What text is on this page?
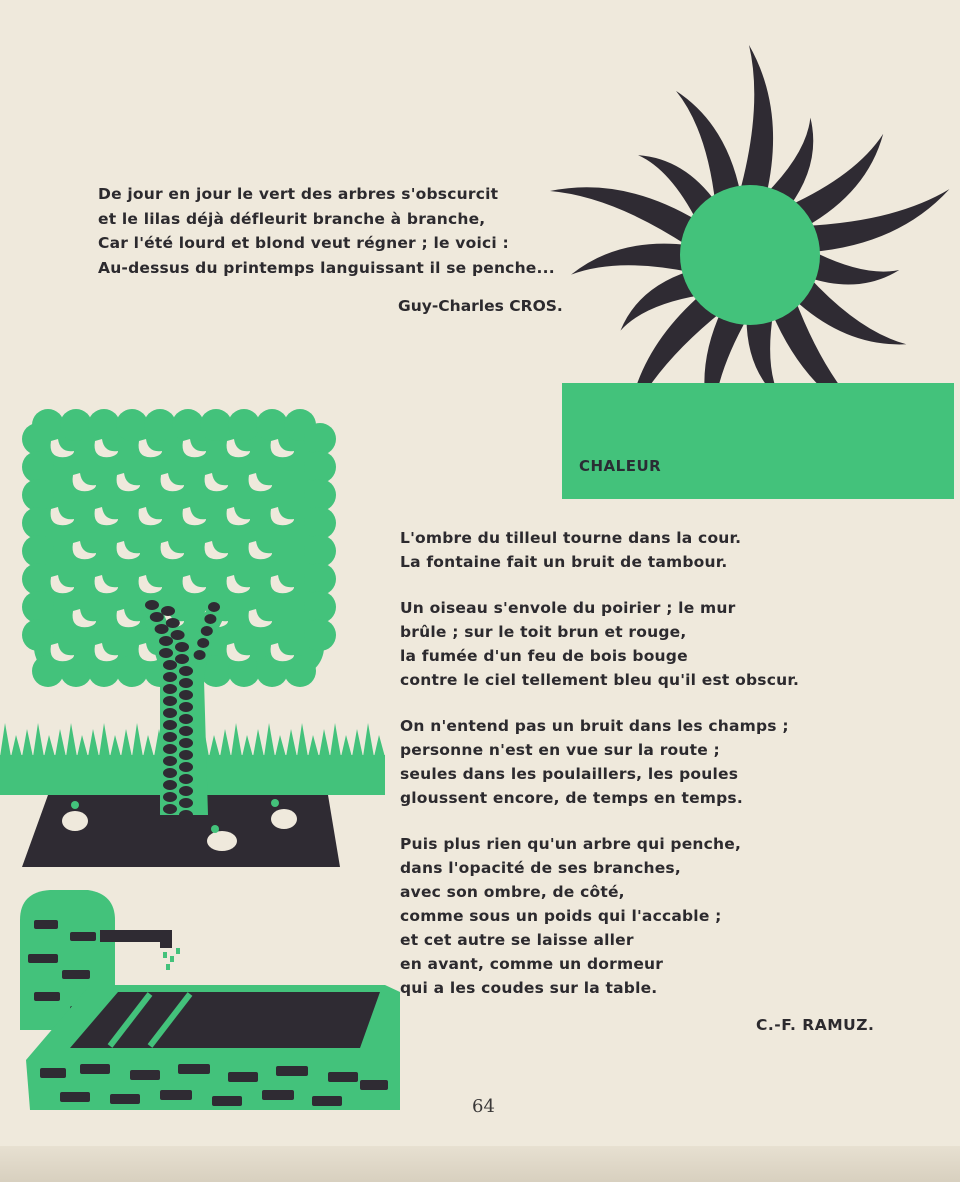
CHALEUR
De jour en jour le vert des arbres s'obscurcit
et le lilas déjà défleurit branche à branche,
Car l'été lourd et blond veut régner ; le voici :
Au-dessus du printemps languissant il se penche...
Guy-Charles CROS.
L'ombre du tilleul tourne dans la cour.
La fontaine fait un bruit de tambour.
Un oiseau s'envole du poirier ; le mur
brûle ; sur le toit brun et rouge,
la fumée d'un feu de bois bouge
contre le ciel tellement bleu qu'il est obscur.
On n'entend pas un bruit dans les champs ;
personne n'est en vue sur la route ;
seules dans les poulaillers, les poules
gloussent encore, de temps en temps.
Puis plus rien qu'un arbre qui penche,
dans l'opacité de ses branches,
avec son ombre, de côté,
comme sous un poids qui l'accable ;
et cet autre se laisse aller
en avant, comme un dormeur
qui a les coudes sur la table.
C.-F. RAMUZ.
64
